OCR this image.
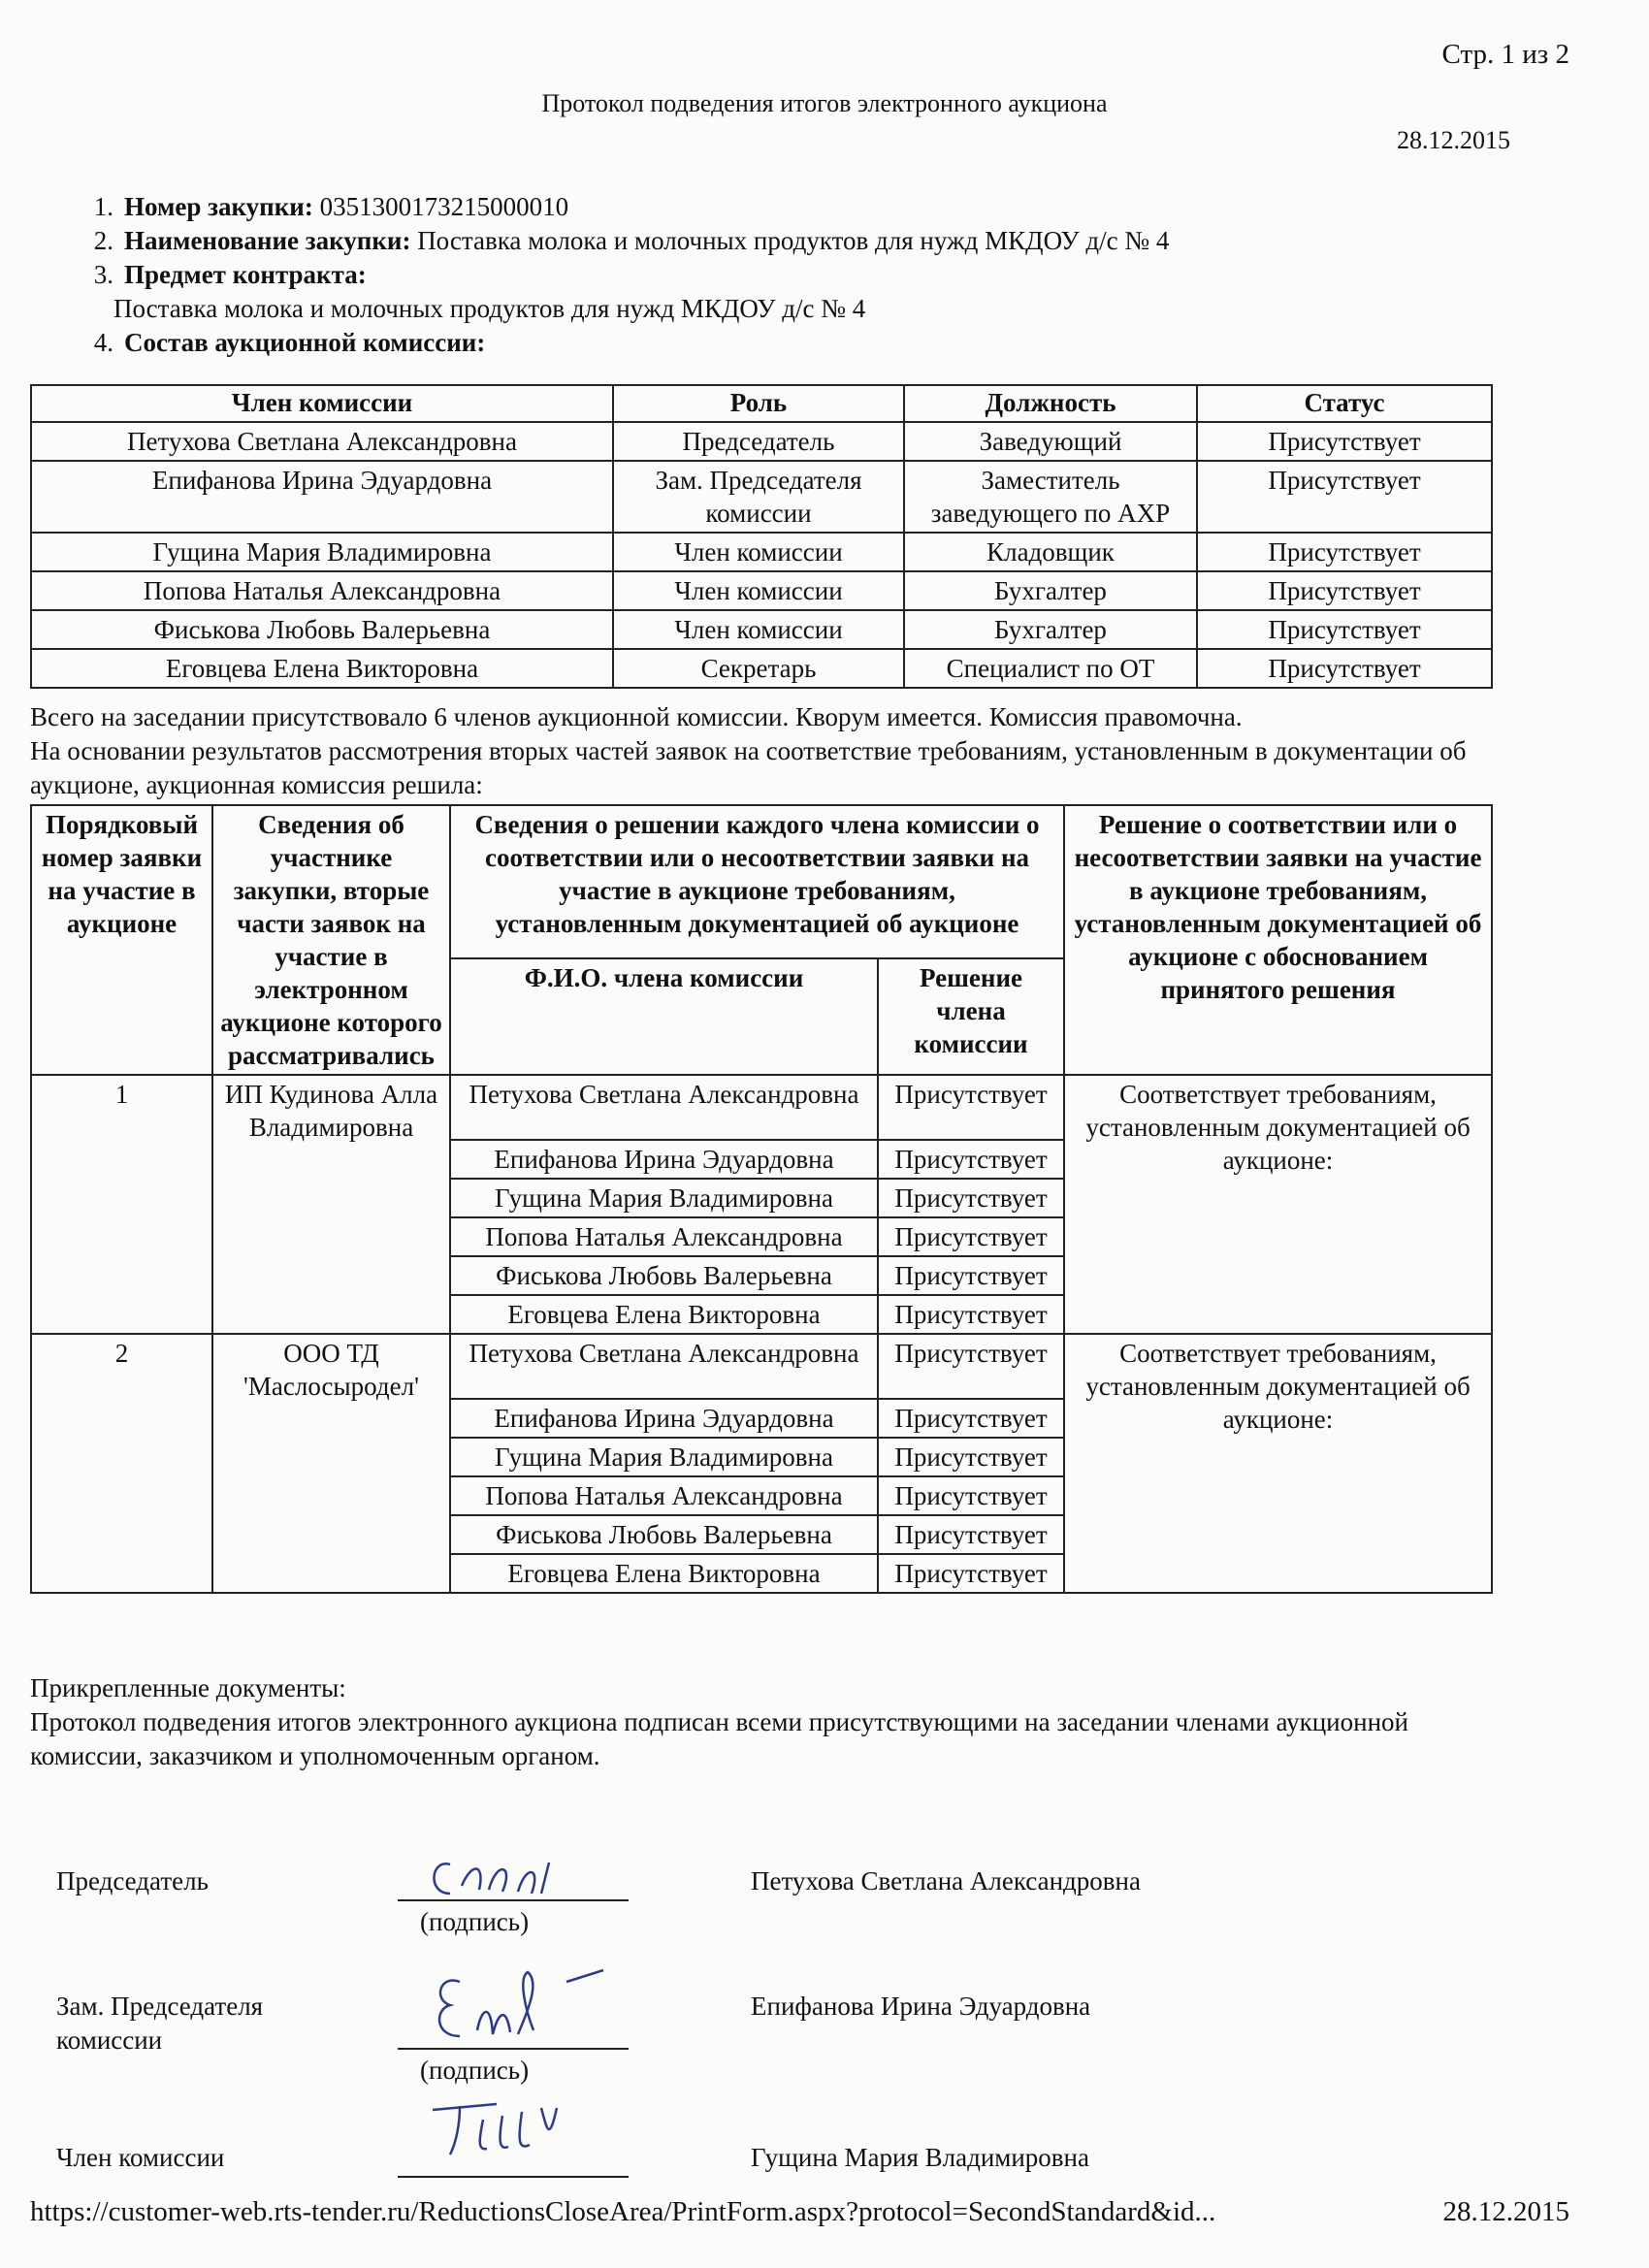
Стр. 1 из 2
Протокол подведения итогов электронного аукциона
28.12.2015
1. Номер закупки: 0351300173215000010
2. Наименование закупки: Поставка молока и молочных продуктов для нужд МКДОУ д/с № 4
3. Предмет контракта:
Поставка молока и молочных продуктов для нужд МКДОУ д/с № 4
4. Состав аукционной комиссии:
Член комиссии	Роль	Должность	Статус
Петухова Светлана Александровна	Председатель	Заведующий	Присутствует
Епифанова Ирина Эдуардовна	Зам. Председателя комиссии	Заместитель заведующего по АХР	Присутствует
Гущина Мария Владимировна	Член комиссии	Кладовщик	Присутствует
Попова Наталья Александровна	Член комиссии	Бухгалтер	Присутствует
Фиськова Любовь Валерьевна	Член комиссии	Бухгалтер	Присутствует
Еговцева Елена Викторовна	Секретарь	Специалист по ОТ	Присутствует
Всего на заседании присутствовало 6 членов аукционной комиссии. Кворум имеется. Комиссия правомочна.
На основании результатов рассмотрения вторых частей заявок на соответствие требованиям, установленным в документации об аукционе, аукционная комиссия решила:
Порядковый номер заявки на участие в аукционе	Сведения об участнике закупки, вторые части заявок на участие в электронном аукционе которого рассматривались	Сведения о решении каждого члена комиссии о соответствии или о несоответствии заявки на участие в аукционе требованиям, установленным документацией об аукционе		Решение о соответствии или о несоответствии заявки на участие в аукционе требованиям, установленным документацией об аукционе с обоснованием принятого решения
		Ф.И.О. члена комиссии	Решение члена комиссии	
1	ИП Кудинова Алла Владимировна	Петухова Светлана Александровна	Присутствует	Соответствует требованиям, установленным документацией об аукционе:
		Епифанова Ирина Эдуардовна	Присутствует	
		Гущина Мария Владимировна	Присутствует	
		Попова Наталья Александровна	Присутствует	
		Фиськова Любовь Валерьевна	Присутствует	
		Еговцева Елена Викторовна	Присутствует	
2	ООО ТД 'Маслосыродел'	Петухова Светлана Александровна	Присутствует	Соответствует требованиям, установленным документацией об аукционе:
		Епифанова Ирина Эдуардовна	Присутствует	
		Гущина Мария Владимировна	Присутствует	
		Попова Наталья Александровна	Присутствует	
		Фиськова Любовь Валерьевна	Присутствует	
		Еговцева Елена Викторовна	Присутствует	
Прикрепленные документы:
Протокол подведения итогов электронного аукциона подписан всеми присутствующими на заседании членами аукционной комиссии, заказчиком и уполномоченным органом.
Председатель
(подпись)
Петухова Светлана Александровна
Зам. Председателя комиссии
(подпись)
Епифанова Ирина Эдуардовна
Член комиссии	Гущина Мария Владимировна
https://customer-web.rts-tender.ru/ReductionsCloseArea/PrintForm.aspx?protocol=SecondStandard&id...	28.12.2015
